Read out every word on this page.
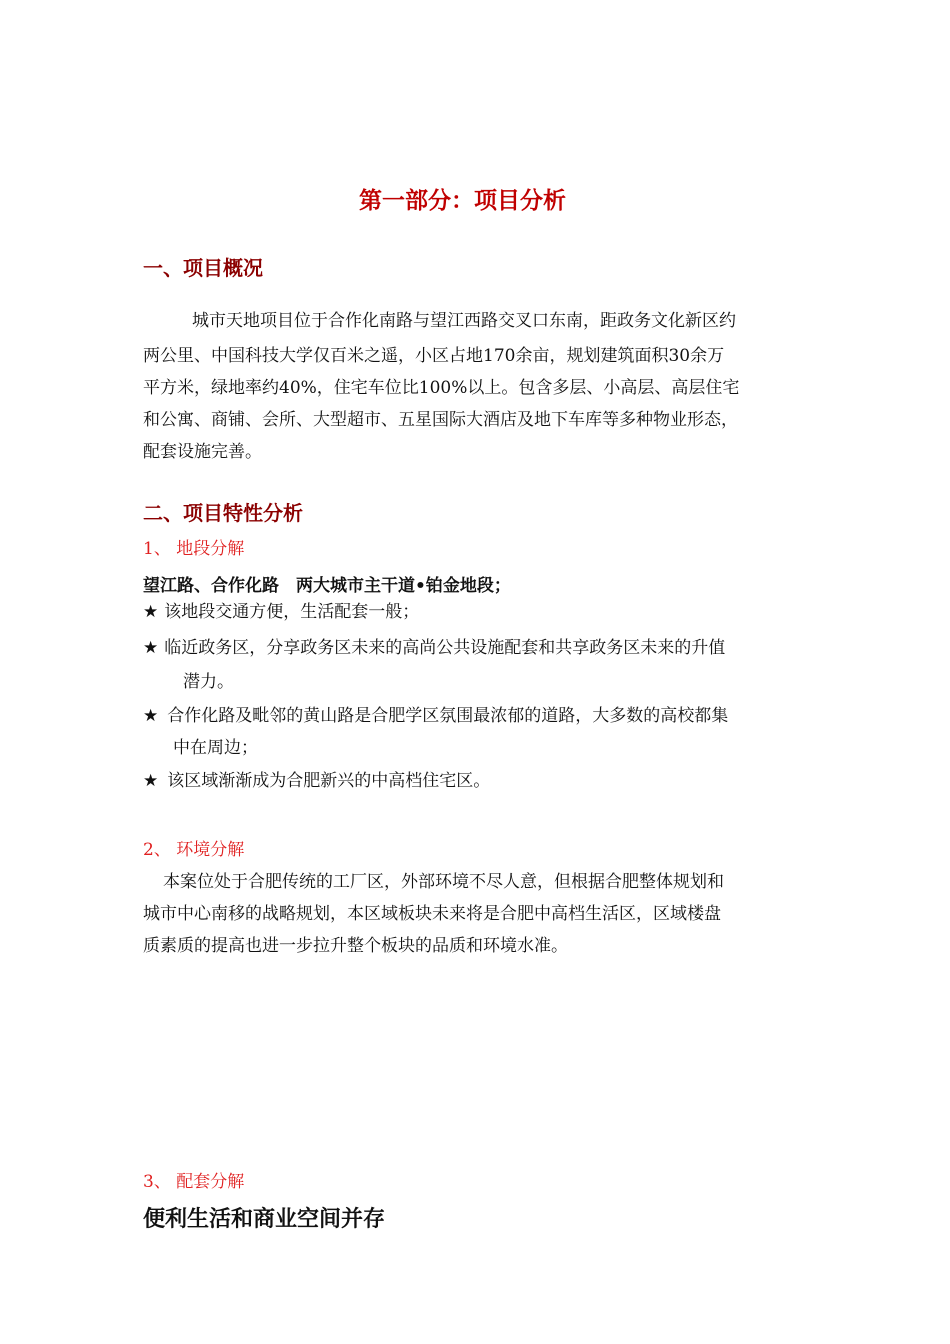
第一部分：项目分析
一、项目概况
城市天地项目位于合作化南路与望江西路交叉口东南，距政务文化新区约
两公里、中国科技大学仅百米之遥，小区占地170余亩，规划建筑面积30余万
平方米，绿地率约40%，住宅车位比100%以上。包含多层、小高层、高层住宅
和公寓、商铺、会所、大型超市、五星国际大酒店及地下车库等多种物业形态，
配套设施完善。
二、项目特性分析
1、 地段分解
望江路、合作化路　两大城市主干道•铂金地段；
★ 该地段交通方便，生活配套一般；
★ 临近政务区，分享政务区未来的高尚公共设施配套和共享政务区未来的升值
潜力。
★ 合作化路及毗邻的黄山路是合肥学区氛围最浓郁的道路，大多数的高校都集
中在周边；
★ 该区域渐渐成为合肥新兴的中高档住宅区。
2、 环境分解
本案位处于合肥传统的工厂区，外部环境不尽人意，但根据合肥整体规划和
城市中心南移的战略规划，本区域板块未来将是合肥中高档生活区，区域楼盘
质素质的提高也进一步拉升整个板块的品质和环境水准。
3、 配套分解
便利生活和商业空间并存
